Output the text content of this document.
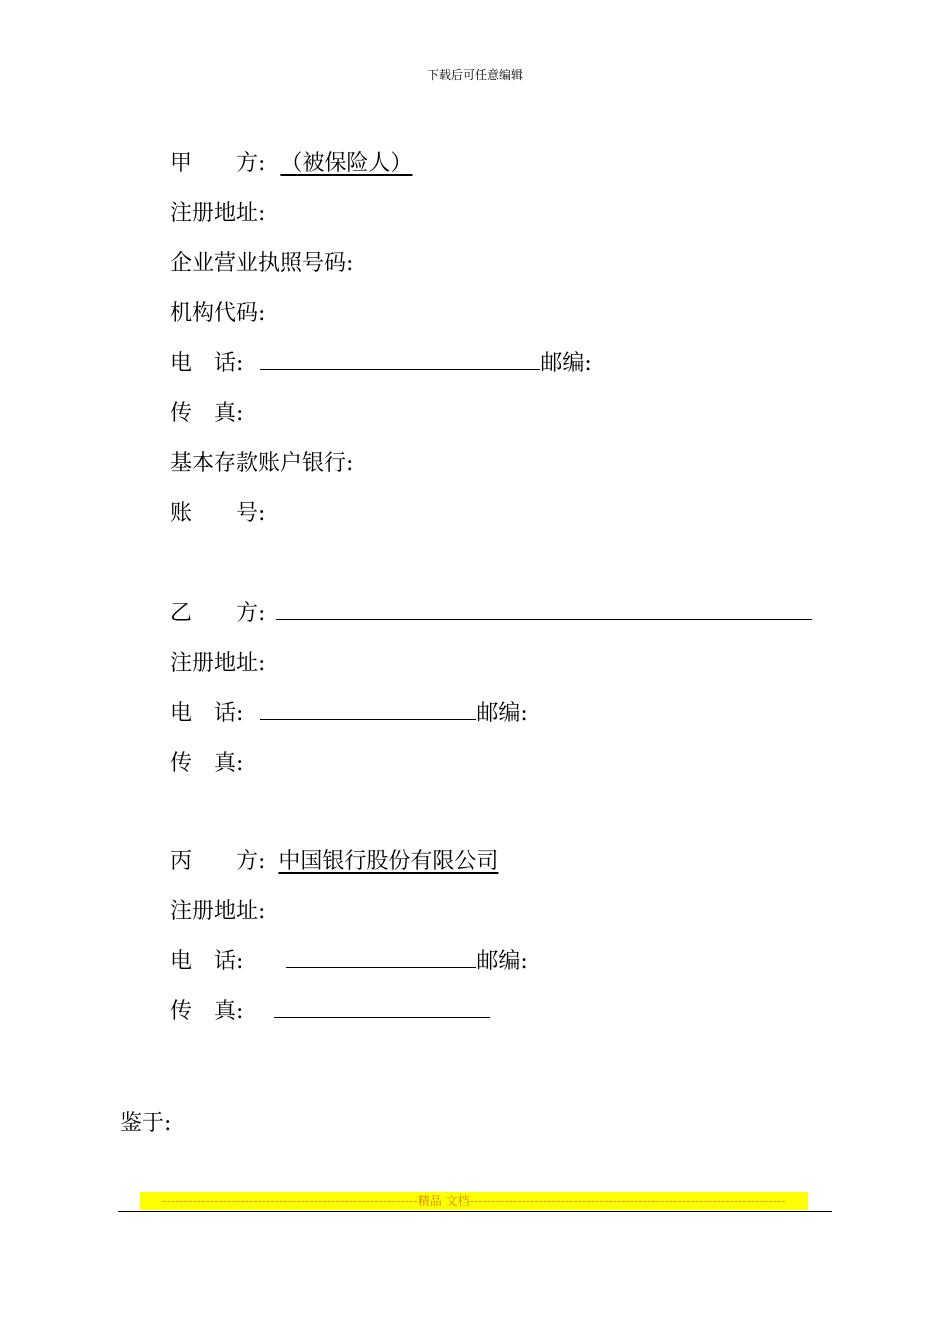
下载后可任意编辑
甲　　方: （被保险人）
注册地址:
企业营业执照号码:
机构代码:
电　话:	邮编:
传　真:
基本存款账户银行:
账　　号:
乙　　方:
注册地址:
电　话:	邮编:
传　真:
丙　　方: 中国银行股份有限公司
注册地址:
电　话:	邮编:
传　真:
鉴于:
-----------------------------------------------------------精品 文档-------------------------------------------------------------------------
